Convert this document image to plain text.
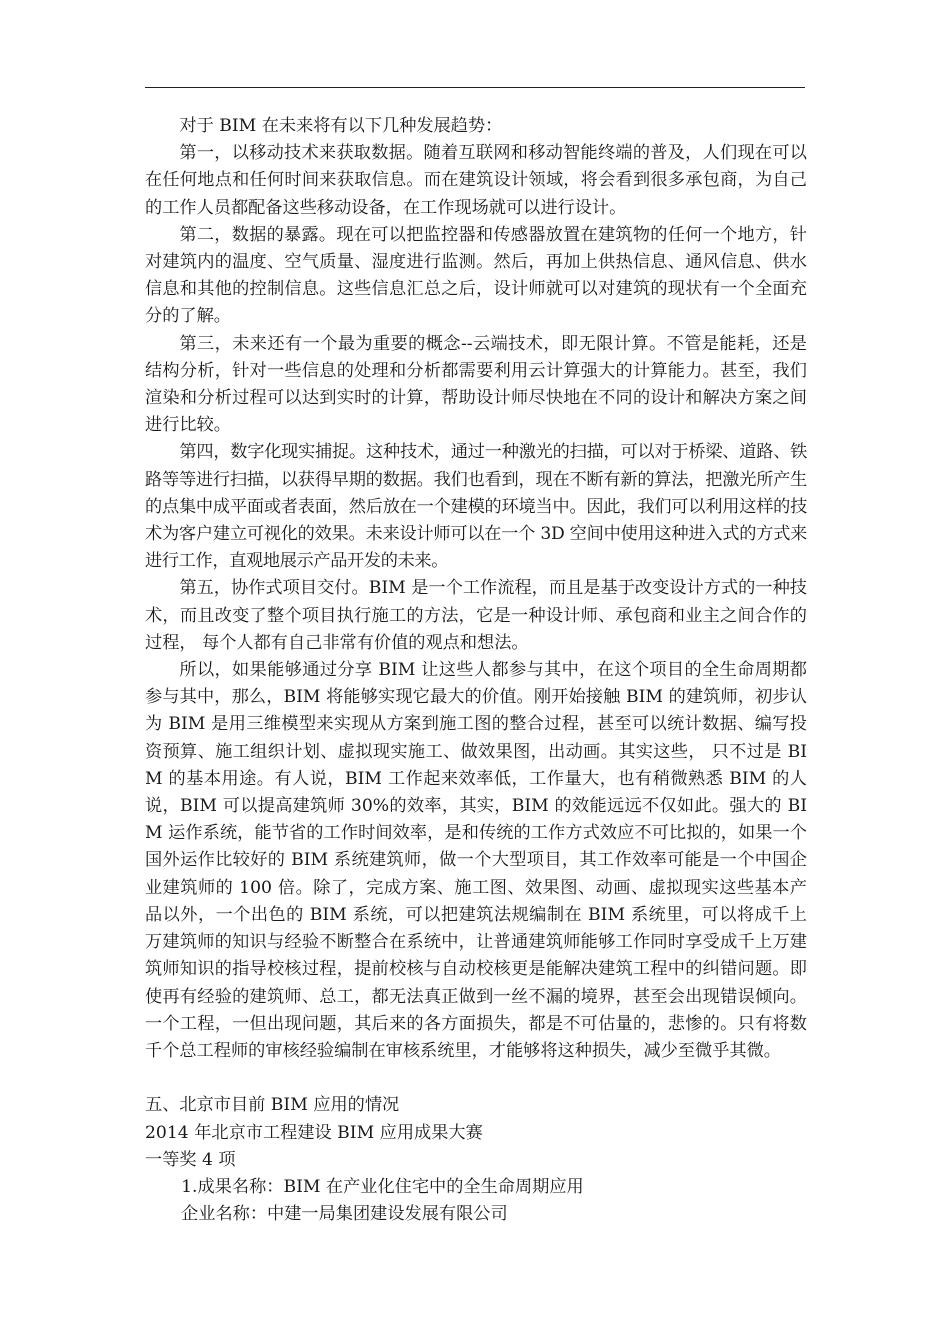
对于 BIM 在未来将有以下几种发展趋势：

第一，以移动技术来获取数据。随着互联网和移动智能终端的普及，人们现在可以在任何地点和任何时间来获取信息。而在建筑设计领域，将会看到很多承包商，为自己的工作人员都配备这些移动设备，在工作现场就可以进行设计。

第二，数据的暴露。现在可以把监控器和传感器放置在建筑物的任何一个地方，针对建筑内的温度、空气质量、湿度进行监测。然后，再加上供热信息、通风信息、供水信息和其他的控制信息。这些信息汇总之后，设计师就可以对建筑的现状有一个全面充分的了解。

第三，未来还有一个最为重要的概念--云端技术，即无限计算。不管是能耗，还是结构分析，针对一些信息的处理和分析都需要利用云计算强大的计算能力。甚至，我们渲染和分析过程可以达到实时的计算，帮助设计师尽快地在不同的设计和解决方案之间进行比较。

第四，数字化现实捕捉。这种技术，通过一种激光的扫描，可以对于桥梁、道路、铁路等等进行扫描，以获得早期的数据。我们也看到，现在不断有新的算法，把激光所产生的点集中成平面或者表面，然后放在一个建模的环境当中。因此，我们可以利用这样的技术为客户建立可视化的效果。未来设计师可以在一个 3D 空间中使用这种进入式的方式来进行工作，直观地展示产品开发的未来。

第五，协作式项目交付。BIM 是一个工作流程，而且是基于改变设计方式的一种技术，而且改变了整个项目执行施工的方法，它是一种设计师、承包商和业主之间合作的过程， 每个人都有自己非常有价值的观点和想法。

所以，如果能够通过分享 BIM 让这些人都参与其中，在这个项目的全生命周期都参与其中，那么，BIM 将能够实现它最大的价值。刚开始接触 BIM 的建筑师，初步认为 BIM 是用三维模型来实现从方案到施工图的整合过程，甚至可以统计数据、编写投资预算、施工组织计划、虚拟现实施工、做效果图，出动画。其实这些， 只不过是 BIM 的基本用途。有人说，BIM 工作起来效率低，工作量大，也有稍微熟悉 BIM 的人说，BIM 可以提高建筑师 30%的效率，其实，BIM 的效能远远不仅如此。强大的 BIM 运作系统，能节省的工作时间效率，是和传统的工作方式效应不可比拟的，如果一个国外运作比较好的 BIM 系统建筑师，做一个大型项目，其工作效率可能是一个中国企业建筑师的 100 倍。除了，完成方案、施工图、效果图、动画、虚拟现实这些基本产品以外，一个出色的 BIM 系统，可以把建筑法规编制在 BIM 系统里，可以将成千上万建筑师的知识与经验不断整合在系统中，让普通建筑师能够工作同时享受成千上万建筑师知识的指导校核过程，提前校核与自动校核更是能解决建筑工程中的纠错问题。即使再有经验的建筑师、总工，都无法真正做到一丝不漏的境界，甚至会出现错误倾向。一个工程，一但出现问题，其后来的各方面损失，都是不可估量的，悲惨的。只有将数千个总工程师的审核经验编制在审核系统里，才能够将这种损失，减少至微乎其微。

五、北京市目前 BIM 应用的情况

2014 年北京市工程建设 BIM 应用成果大赛

一等奖 4 项

1.成果名称：BIM 在产业化住宅中的全生命周期应用

企业名称：中建一局集团建设发展有限公司
